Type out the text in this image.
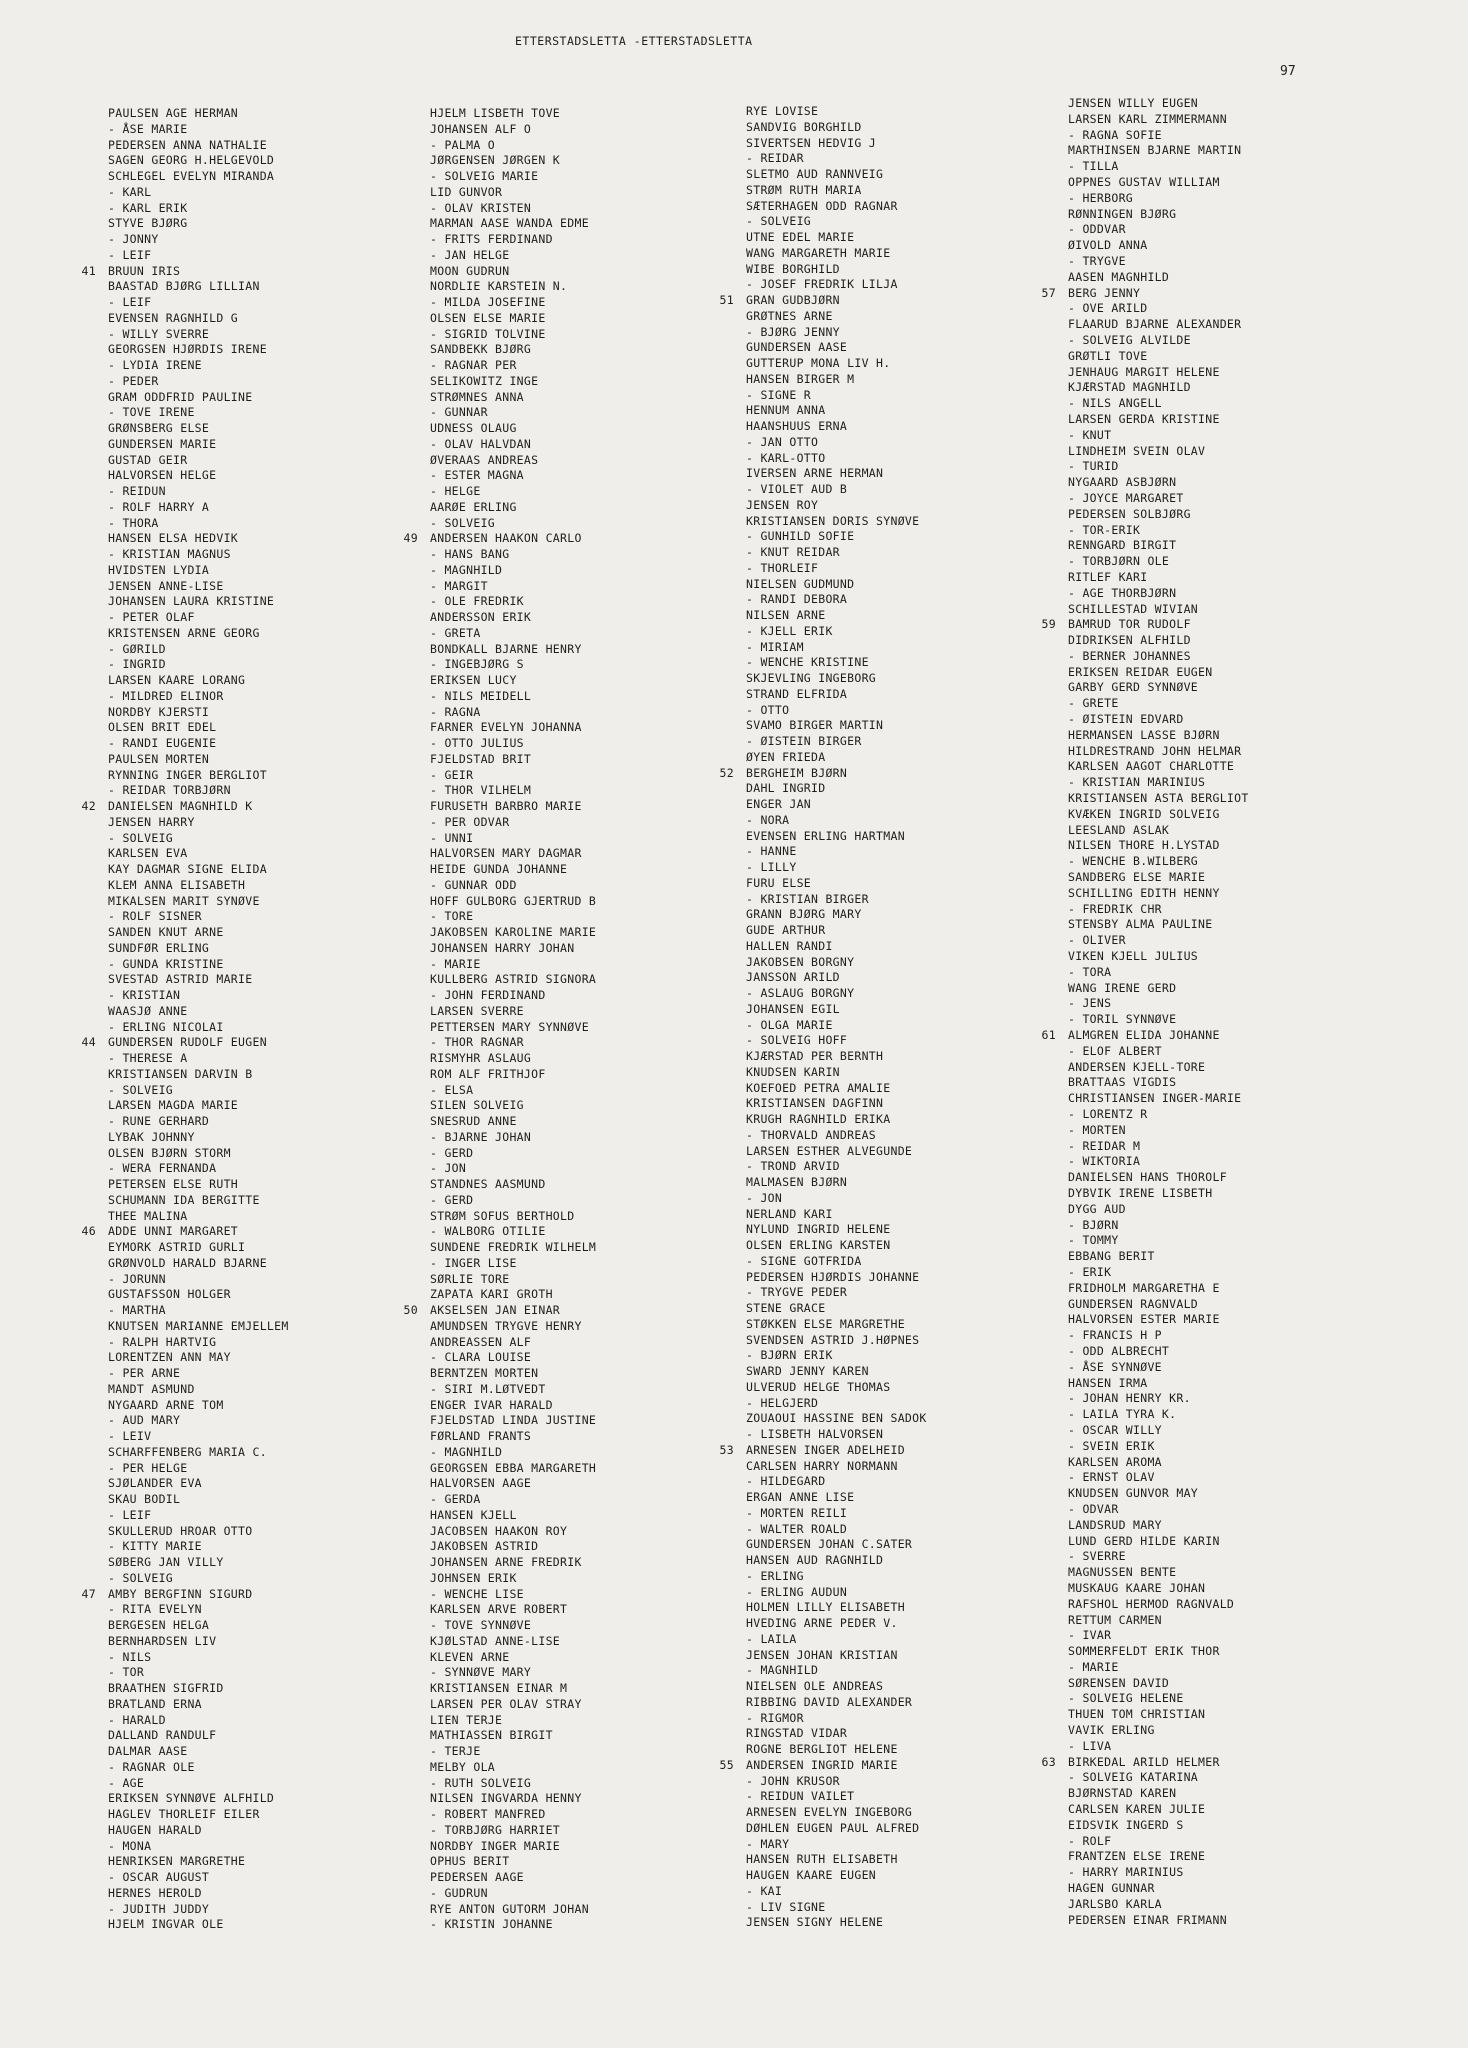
ETTERSTADSLETTA -ETTERSTADSLETTA
97
PAULSEN AGE HERMAN
- ÅSE MARIE
PEDERSEN ANNA NATHALIE
SAGEN GEORG H.HELGEVOLD
SCHLEGEL EVELYN MIRANDA
- KARL
- KARL ERIK
STYVE BJØRG
- JONNY
- LEIF
41 BRUUN IRIS
BAASTAD BJØRG LILLIAN
- LEIF
EVENSEN RAGNHILD G
- WILLY SVERRE
GEORGSEN HJØRDIS IRENE
- LYDIA IRENE
- PEDER
GRAM ODDFRID PAULINE
- TOVE IRENE
GRØNSBERG ELSE
GUNDERSEN MARIE
GUSTAD GEIR
HALVORSEN HELGE
- REIDUN
- ROLF HARRY A
- THORA
HANSEN ELSA HEDVIK
- KRISTIAN MAGNUS
HVIDSTEN LYDIA
JENSEN ANNE-LISE
JOHANSEN LAURA KRISTINE
- PETER OLAF
KRISTENSEN ARNE GEORG
- GØRILD
- INGRID
LARSEN KAARE LORANG
- MILDRED ELINOR
NORDBY KJERSTI
OLSEN BRIT EDEL
- RANDI EUGENIE
PAULSEN MORTEN
RYNNING INGER BERGLIOT
- REIDAR TORBJØRN
42 DANIELSEN MAGNHILD K
JENSEN HARRY
- SOLVEIG
KARLSEN EVA
KAY DAGMAR SIGNE ELIDA
KLEM ANNA ELISABETH
MIKALSEN MARIT SYNØVE
- ROLF SISNER
SANDEN KNUT ARNE
SUNDFØR ERLING
- GUNDA KRISTINE
SVESTAD ASTRID MARIE
- KRISTIAN
WAASJØ ANNE
- ERLING NICOLAI
44 GUNDERSEN RUDOLF EUGEN
- THERESE A
KRISTIANSEN DARVIN B
- SOLVEIG
LARSEN MAGDA MARIE
- RUNE GERHARD
LYBAK JOHNNY
OLSEN BJØRN STORM
- WERA FERNANDA
PETERSEN ELSE RUTH
SCHUMANN IDA BERGITTE
THEE MALINA
46 ADDE UNNI MARGARET
EYMORK ASTRID GURLI
GRØNVOLD HARALD BJARNE
- JORUNN
GUSTAFSSON HOLGER
- MARTHA
KNUTSEN MARIANNE EMJELLEM
- RALPH HARTVIG
LORENTZEN ANN MAY
- PER ARNE
MANDT ASMUND
NYGAARD ARNE TOM
- AUD MARY
- LEIV
SCHARFFENBERG MARIA C.
- PER HELGE
SJØLANDER EVA
SKAU BODIL
- LEIF
SKULLERUD HROAR OTTO
- KITTY MARIE
SØBERG JAN VILLY
- SOLVEIG
47 AMBY BERGFINN SIGURD
- RITA EVELYN
BERGESEN HELGA
BERNHARDSEN LIV
- NILS
- TOR
BRAATHEN SIGFRID
BRATLAND ERNA
- HARALD
DALLAND RANDULF
DALMAR AASE
- RAGNAR OLE
- AGE
ERIKSEN SYNNØVE ALFHILD
HAGLEV THORLEIF EILER
HAUGEN HARALD
- MONA
HENRIKSEN MARGRETHE
- OSCAR AUGUST
HERNES HEROLD
- JUDITH JUDDY
HJELM INGVAR OLE
HJELM LISBETH TOVE
JOHANSEN ALF O
- PALMA O
JØRGENSEN JØRGEN K
- SOLVEIG MARIE
LID GUNVOR
- OLAV KRISTEN
MARMAN AASE WANDA EDME
- FRITS FERDINAND
- JAN HELGE
MOON GUDRUN
NORDLIE KARSTEIN N.
- MILDA JOSEFINE
OLSEN ELSE MARIE
- SIGRID TOLVINE
SANDBEKK BJØRG
- RAGNAR PER
SELIKOWITZ INGE
STRØMNES ANNA
- GUNNAR
UDNESS OLAUG
- OLAV HALVDAN
ØVERAAS ANDREAS
- ESTER MAGNA
- HELGE
AARØE ERLING
- SOLVEIG
49 ANDERSEN HAAKON CARLO
- HANS BANG
- MAGNHILD
- MARGIT
- OLE FREDRIK
ANDERSSON ERIK
- GRETA
BONDKALL BJARNE HENRY
- INGEBJØRG S
ERIKSEN LUCY
- NILS MEIDELL
- RAGNA
FARNER EVELYN JOHANNA
- OTTO JULIUS
FJELDSTAD BRIT
- GEIR
- THOR VILHELM
FURUSETH BARBRO MARIE
- PER ODVAR
- UNNI
HALVORSEN MARY DAGMAR
HEIDE GUNDA JOHANNE
- GUNNAR ODD
HOFF GULBORG GJERTRUD B
- TORE
JAKOBSEN KAROLINE MARIE
JOHANSEN HARRY JOHAN
- MARIE
KULLBERG ASTRID SIGNORA
- JOHN FERDINAND
LARSEN SVERRE
PETTERSEN MARY SYNNØVE
- THOR RAGNAR
RISMYHR ASLAUG
ROM ALF FRITHJOF
- ELSA
SILEN SOLVEIG
SNESRUD ANNE
- BJARNE JOHAN
- GERD
- JON
STANDNES AASMUND
- GERD
STRØM SOFUS BERTHOLD
- WALBORG OTILIE
SUNDENE FREDRIK WILHELM
- INGER LISE
SØRLIE TORE
ZAPATA KARI GROTH
50 AKSELSEN JAN EINAR
AMUNDSEN TRYGVE HENRY
ANDREASSEN ALF
- CLARA LOUISE
BERNTZEN MORTEN
- SIRI M.LØTVEDT
ENGER IVAR HARALD
FJELDSTAD LINDA JUSTINE
FØRLAND FRANTS
- MAGNHILD
GEORGSEN EBBA MARGARETH
HALVORSEN AAGE
- GERDA
HANSEN KJELL
JACOBSEN HAAKON ROY
JAKOBSEN ASTRID
JOHANSEN ARNE FREDRIK
JOHNSEN ERIK
- WENCHE LISE
KARLSEN ARVE ROBERT
- TOVE SYNNØVE
KJØLSTAD ANNE-LISE
KLEVEN ARNE
- SYNNØVE MARY
KRISTIANSEN EINAR M
LARSEN PER OLAV STRAY
LIEN TERJE
MATHIASSEN BIRGIT
- TERJE
MELBY OLA
- RUTH SOLVEIG
NILSEN INGVARDA HENNY
- ROBERT MANFRED
- TORBJØRG HARRIET
NORDBY INGER MARIE
OPHUS BERIT
PEDERSEN AAGE
- GUDRUN
RYE ANTON GUTORM JOHAN
- KRISTIN JOHANNE
RYE LOVISE
SANDVIG BORGHILD
SIVERTSEN HEDVIG J
- REIDAR
SLETMO AUD RANNVEIG
STRØM RUTH MARIA
SÆTERHAGEN ODD RAGNAR
- SOLVEIG
UTNE EDEL MARIE
WANG MARGARETH MARIE
WIBE BORGHILD
- JOSEF FREDRIK LILJA
51 GRAN GUDBJØRN
GRØTNES ARNE
- BJØRG JENNY
GUNDERSEN AASE
GUTTERUP MONA LIV H.
HANSEN BIRGER M
- SIGNE R
HENNUM ANNA
HAANSHUUS ERNA
- JAN OTTO
- KARL-OTTO
IVERSEN ARNE HERMAN
- VIOLET AUD B
JENSEN ROY
KRISTIANSEN DORIS SYNØVE
- GUNHILD SOFIE
- KNUT REIDAR
- THORLEIF
NIELSEN GUDMUND
- RANDI DEBORA
NILSEN ARNE
- KJELL ERIK
- MIRIAM
- WENCHE KRISTINE
SKJEVLING INGEBORG
STRAND ELFRIDA
- OTTO
SVAMO BIRGER MARTIN
- ØISTEIN BIRGER
ØYEN FRIEDA
52 BERGHEIM BJØRN
DAHL INGRID
ENGER JAN
- NORA
EVENSEN ERLING HARTMAN
- HANNE
- LILLY
FURU ELSE
- KRISTIAN BIRGER
GRANN BJØRG MARY
GUDE ARTHUR
HALLEN RANDI
JAKOBSEN BORGNY
JANSSON ARILD
- ASLAUG BORGNY
JOHANSEN EGIL
- OLGA MARIE
- SOLVEIG HOFF
KJÆRSTAD PER BERNTH
KNUDSEN KARIN
KOEFOED PETRA AMALIE
KRISTIANSEN DAGFINN
KRUGH RAGNHILD ERIKA
- THORVALD ANDREAS
LARSEN ESTHER ALVEGUNDE
- TROND ARVID
MALMASEN BJØRN
- JON
NERLAND KARI
NYLUND INGRID HELENE
OLSEN ERLING KARSTEN
- SIGNE GOTFRIDA
PEDERSEN HJØRDIS JOHANNE
- TRYGVE PEDER
STENE GRACE
STØKKEN ELSE MARGRETHE
SVENDSEN ASTRID J.HØPNES
- BJØRN ERIK
SWARD JENNY KAREN
ULVERUD HELGE THOMAS
- HELGJERD
ZOUAOUI HASSINE BEN SADOK
- LISBETH HALVORSEN
53 ARNESEN INGER ADELHEID
CARLSEN HARRY NORMANN
- HILDEGARD
ERGAN ANNE LISE
- MORTEN REILI
- WALTER ROALD
GUNDERSEN JOHAN C.SATER
HANSEN AUD RAGNHILD
- ERLING
- ERLING AUDUN
HOLMEN LILLY ELISABETH
HVEDING ARNE PEDER V.
- LAILA
JENSEN JOHAN KRISTIAN
- MAGNHILD
NIELSEN OLE ANDREAS
RIBBING DAVID ALEXANDER
- RIGMOR
RINGSTAD VIDAR
ROGNE BERGLIOT HELENE
55 ANDERSEN INGRID MARIE
- JOHN KRUSOR
- REIDUN VAILET
ARNESEN EVELYN INGEBORG
DØHLEN EUGEN PAUL ALFRED
- MARY
HANSEN RUTH ELISABETH
HAUGEN KAARE EUGEN
- KAI
- LIV SIGNE
JENSEN SIGNY HELENE
JENSEN WILLY EUGEN
LARSEN KARL ZIMMERMANN
- RAGNA SOFIE
MARTHINSEN BJARNE MARTIN
- TILLA
OPPNES GUSTAV WILLIAM
- HERBORG
RØNNINGEN BJØRG
- ODDVAR
ØIVOLD ANNA
- TRYGVE
AASEN MAGNHILD
57 BERG JENNY
- OVE ARILD
FLAARUD BJARNE ALEXANDER
- SOLVEIG ALVILDE
GRØTLI TOVE
JENHAUG MARGIT HELENE
KJÆRSTAD MAGNHILD
- NILS ANGELL
LARSEN GERDA KRISTINE
- KNUT
LINDHEIM SVEIN OLAV
- TURID
NYGAARD ASBJØRN
- JOYCE MARGARET
PEDERSEN SOLBJØRG
- TOR-ERIK
RENNGARD BIRGIT
- TORBJØRN OLE
RITLEF KARI
- AGE THORBJØRN
SCHILLESTAD WIVIAN
59 BAMRUD TOR RUDOLF
DIDRIKSEN ALFHILD
- BERNER JOHANNES
ERIKSEN REIDAR EUGEN
GARBY GERD SYNNØVE
- GRETE
- ØISTEIN EDVARD
HERMANSEN LASSE BJØRN
HILDRESTRAND JOHN HELMAR
KARLSEN AAGOT CHARLOTTE
- KRISTIAN MARINIUS
KRISTIANSEN ASTA BERGLIOT
KVÆKEN INGRID SOLVEIG
LEESLAND ASLAK
NILSEN THORE H.LYSTAD
- WENCHE B.WILBERG
SANDBERG ELSE MARIE
SCHILLING EDITH HENNY
- FREDRIK CHR
STENSBY ALMA PAULINE
- OLIVER
VIKEN KJELL JULIUS
- TORA
WANG IRENE GERD
- JENS
- TORIL SYNNØVE
61 ALMGREN ELIDA JOHANNE
- ELOF ALBERT
ANDERSEN KJELL-TORE
BRATTAAS VIGDIS
CHRISTIANSEN INGER-MARIE
- LORENTZ R
- MORTEN
- REIDAR M
- WIKTORIA
DANIELSEN HANS THOROLF
DYBVIK IRENE LISBETH
DYGG AUD
- BJØRN
- TOMMY
EBBANG BERIT
- ERIK
FRIDHOLM MARGARETHA E
GUNDERSEN RAGNVALD
HALVORSEN ESTER MARIE
- FRANCIS H P
- ODD ALBRECHT
- ÅSE SYNNØVE
HANSEN IRMA
- JOHAN HENRY KR.
- LAILA TYRA K.
- OSCAR WILLY
- SVEIN ERIK
KARLSEN AROMA
- ERNST OLAV
KNUDSEN GUNVOR MAY
- ODVAR
LANDSRUD MARY
LUND GERD HILDE KARIN
- SVERRE
MAGNUSSEN BENTE
MUSKAUG KAARE JOHAN
RAFSHOL HERMOD RAGNVALD
RETTUM CARMEN
- IVAR
SOMMERFELDT ERIK THOR
- MARIE
SØRENSEN DAVID
- SOLVEIG HELENE
THUEN TOM CHRISTIAN
VAVIK ERLING
- LIVA
63 BIRKEDAL ARILD HELMER
- SOLVEIG KATARINA
BJØRNSTAD KAREN
CARLSEN KAREN JULIE
EIDSVIK INGERD S
- ROLF
FRANTZEN ELSE IRENE
- HARRY MARINIUS
HAGEN GUNNAR
JARLSBO KARLA
PEDERSEN EINAR FRIMANN
